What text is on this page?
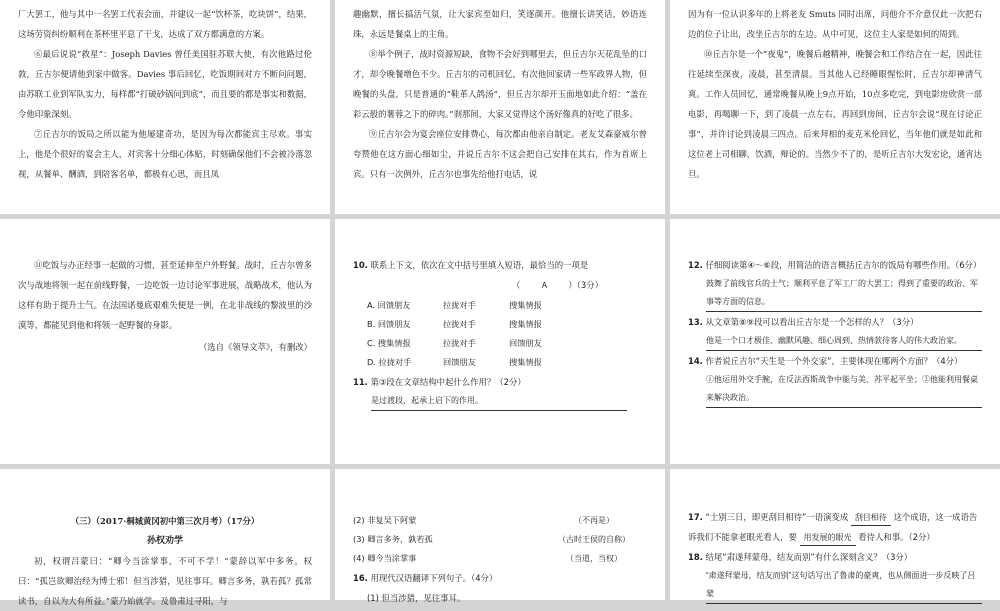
厂大罢工，他与其中一名罢工代表会面，并建议一起“饮杯茶，吃块饼”，结果，这场劳资纠纷顺利在茶杯里平息了干戈，达成了双方都满意的方案。

⑥最后说说“救星”：Joseph Davies 曾任美国驻苏联大使，有次他路过伦敦，丘吉尔便请他到家中做客。Davies 事后回忆，吃饭期间对方不断问问题，由苏联工业到军队实力，每样都“打破砂锅问到底”，而且要的都是事实和数据，令他印象深刻。

⑦丘吉尔的饭局之所以能为他屡建奇功，是因为每次都能宾主尽欢。事实上，他是个很好的宴会主人，对宾客十分细心体贴，时刻确保他们不会被冷落忽视，从餐单、酬酒，到陪客名单，都极有心思，而且凤

趣幽默，擅长搞活气氛，让大家宾至如归，笑逐颜开。他擅长讲笑话，妙语连珠，永远是餐桌上的主角。

⑧举个例子，战时资源短缺，食物不会好到哪里去，但丘吉尔天花乱坠的口才，却令晚餐增色不少。丘吉尔的司机回忆，有次他回家请一些军政界人物，但晚餐的头盘，只是普通的“鞋革人鸽汤”，但丘吉尔却开玉面地如此介绍：“盖在彩云般的薯蓉之下的碎肉。”刹那间，大家又觉得这个汤好像真的好吃了很多。

⑨丘吉尔会为宴会座位安排费心，每次都由他亲自制定。老友艾森豪威尔曾夸赞他在这方面心细如尘，并说丘吉尔不这会把自己安排在其右，作为首席上宾。只有一次例外，丘吉尔也事先给他打电话，说

因为有一位认识多年的上将老友 Smuts 同时出席，问他介不介意仅此一次把右边的位子让出，改坐丘吉尔的左边。从中可见，这位主人家是如何的周到。

⑩丘吉尔是一个“夜鬼”，晚餐后越精神，晚餐会和工作结合在一起，因此往往延续至深夜，凌晨，甚至清晨。当其他人已经睡眼惺忪时，丘吉尔却神清气爽。工作人员回忆，通常晚餐从晚上9点开始，10点多吃完，到电影房欣赏一部电影，再喝聊一下，到了凌晨一点左右，再回到房间，丘吉尔会说“现在讨论正事”，并许讨论到凌晨三四点。后来拜相的麦克米伦回忆，当年他们就是如此和这位老上司相聊，饮酒，辩论的。当然少不了的，是听丘吉尔大发宏论，通宵达旦。

⑪吃饭与办正经事一起做的习惯，甚至延伸至户外野餐。战时，丘吉尔曾多次与战地将领一起在前线野餐，一边吃饭一边讨论军事进展，战略战术，他认为这样有助于提升士气。在法国诺曼底艰难失便是一例，在北非战线的黎波里的沙漠等，都能见到他和将领一起野餐的身影。

（选自《领导文萃》，有删改）

10. 联系上下文，依次在文中括号里填入短语，最恰当的一项是

（	A	）（3分）

A. 回馈朋友	拉拢对手	搜集情报
B. 回馈朋友	拉拢对手	搜集情报
C. 搜集情报	拉拢对手	回馈朋友
D. 拉拢对手	回馈朋友	搜集情报

11. 第③段在文章结构中起什么作用？（2分）

是过渡段，起承上启下的作用。

12. 仔细阅读第④～⑥段，用简洁的语言概括丘吉尔的饭局有哪些作用。（6分）

鼓舞了前线官兵的士气；顺利平息了军工厂的大罢工；得到了重要的政治、军事等方面的信息。

13. 从文章第⑧⑨段可以看出丘吉尔是一个怎样的人？（3分）

他是一个口才极佳、幽默风趣、细心周到、热情款待客人的伟大政治家。

14. 作者说丘吉尔“天生是一个外交家”，主要体现在哪两个方面？（4分）

①他运用外交手腕，在反法西斯战争中能与美、苏平起平坐；②他能利用餐桌来解决政治。

（三）（2017·桐城黄冈初中第三次月考）（17分）

孙权劝学

初，权谓吕蒙曰：“卿今当涂掌事，不可不学！”蒙辞以军中多务。权曰：“孤岂欲卿治经为博士邪！但当涉猎，见往事耳。卿言多务，孰若孤？孤常读书，自以为大有所益。”蒙乃始就学。及鲁肃过寻阳，与

(2) 非复吴下阿蒙	（不再是）
(3) 卿言多务，孰若孤	（古时王侯的自称）
(4) 卿今当涂掌事	（当道，当权）

16. 用现代汉语翻译下列句子。（4分）

(1) 但当涉猎，见往事耳。

17. “士别三日，即更刮目相待”一语演变成 刮目相待 这个成语，这一成语告诉我们不能拿老眼光看人，要 用发展的眼光 看待人和事。（2分）

18. 结尾“肃遂拜蒙母，结友而别”有什么深刻含义？（3分）

“肃遂拜蒙母，结友而别”这句话写出了鲁肃的豪爽，也从侧面进一步反映了吕蒙
